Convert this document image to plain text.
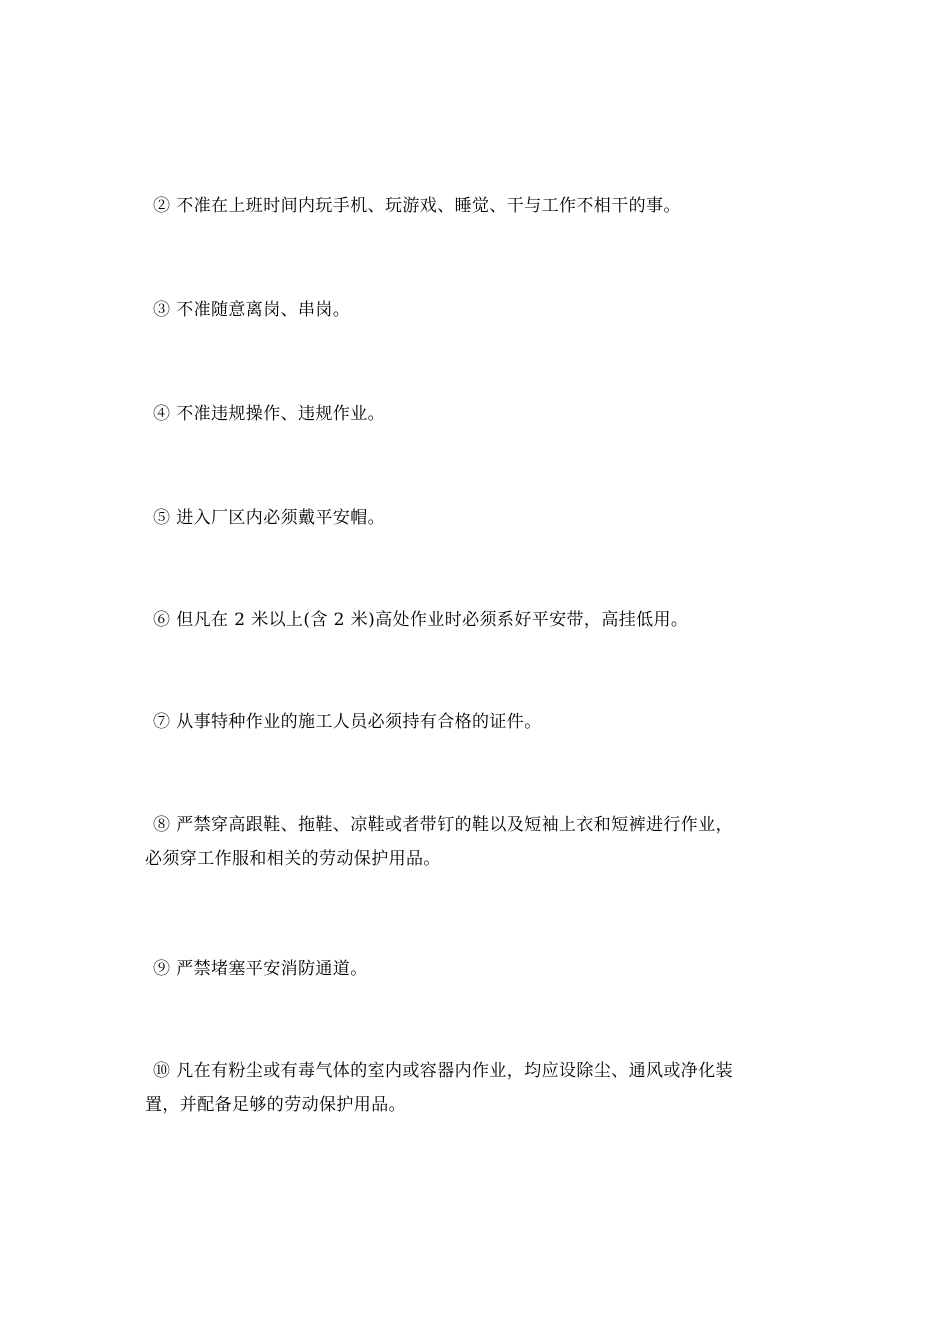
② 不准在上班时间内玩手机、玩游戏、睡觉、干与工作不相干的事。
③ 不准随意离岗、串岗。
④ 不准违规操作、违规作业。
⑤ 进入厂区内必须戴平安帽。
⑥ 但凡在 2 米以上(含 2 米)高处作业时必须系好平安带，高挂低用。
⑦ 从事特种作业的施工人员必须持有合格的证件。
⑧ 严禁穿高跟鞋、拖鞋、凉鞋或者带钉的鞋以及短袖上衣和短裤进行作业，
必须穿工作服和相关的劳动保护用品。
⑨ 严禁堵塞平安消防通道。
⑩ 凡在有粉尘或有毒气体的室内或容器内作业，均应设除尘、通风或净化装
置，并配备足够的劳动保护用品。
